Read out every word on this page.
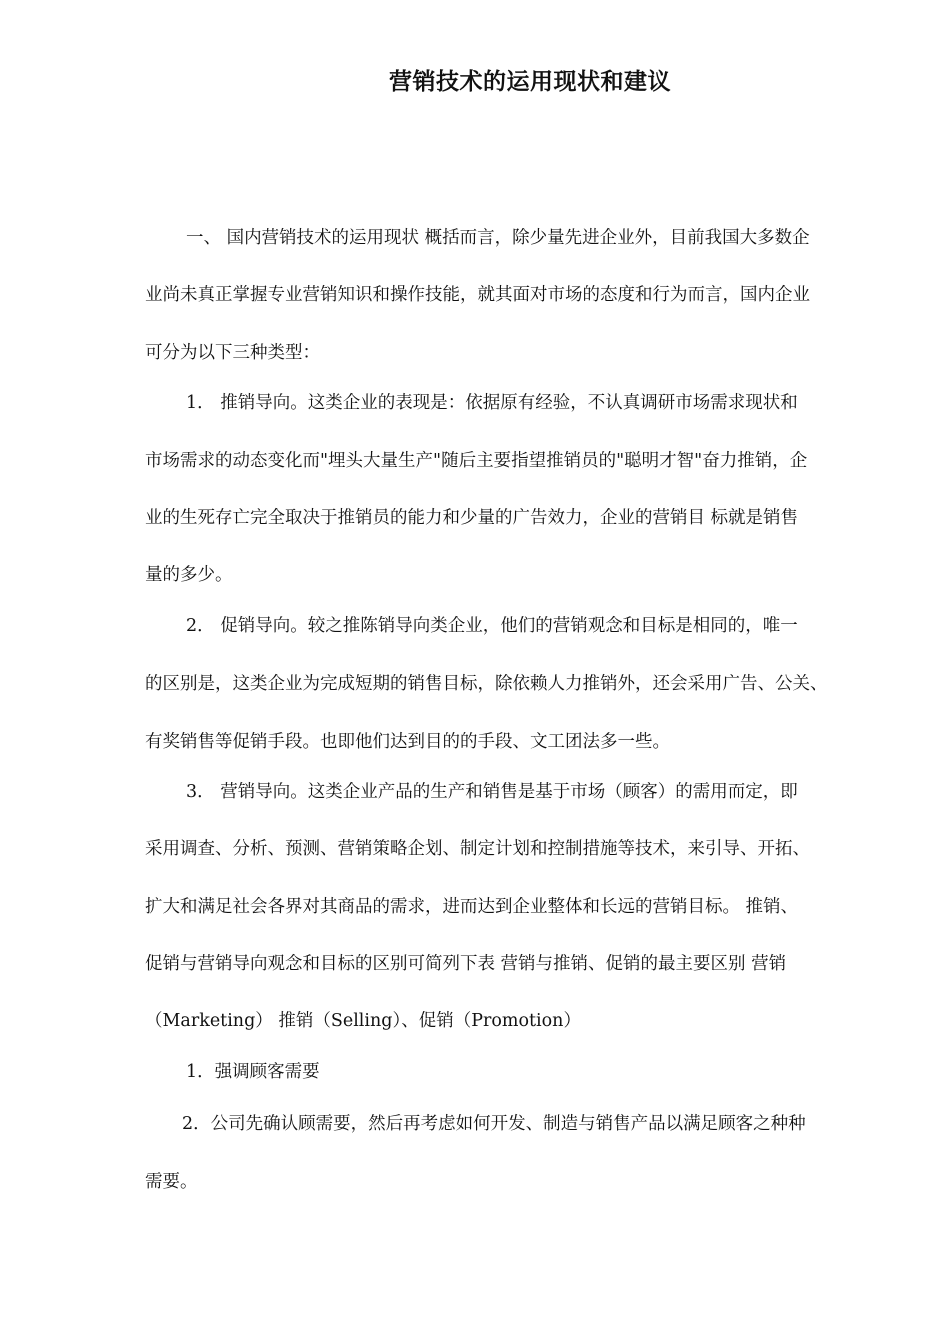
营销技术的运用现状和建议
一、 国内营销技术的运用现状 概括而言，除少量先进企业外，目前我国大多数企
业尚未真正掌握专业营销知识和操作技能，就其面对市场的态度和行为而言，国内企业
可分为以下三种类型：
1． 推销导向。这类企业的表现是：依据原有经验，不认真调研市场需求现状和
市场需求的动态变化而"埋头大量生产"随后主要指望推销员的"聪明才智"奋力推销，企
业的生死存亡完全取决于推销员的能力和少量的广告效力，企业的营销目 标就是销售
量的多少。
2． 促销导向。较之推陈销导向类企业，他们的营销观念和目标是相同的，唯一
的区别是，这类企业为完成短期的销售目标，除依赖人力推销外，还会采用广告、公关、
有奖销售等促销手段。也即他们达到目的的手段、文工团法多一些。
3． 营销导向。这类企业产品的生产和销售是基于市场（顾客）的需用而定，即
采用调查、分析、预测、营销策略企划、制定计划和控制措施等技术，来引导、开拓、
扩大和满足社会各界对其商品的需求，进而达到企业整体和长远的营销目标。 推销、
促销与营销导向观念和目标的区别可简列下表 营销与推销、促销的最主要区别 营销
（Marketing） 推销（Selling）、促销（Promotion）
1．强调顾客需要
2．公司先确认顾需要，然后再考虑如何开发、制造与销售产品以满足顾客之种种
需要。
